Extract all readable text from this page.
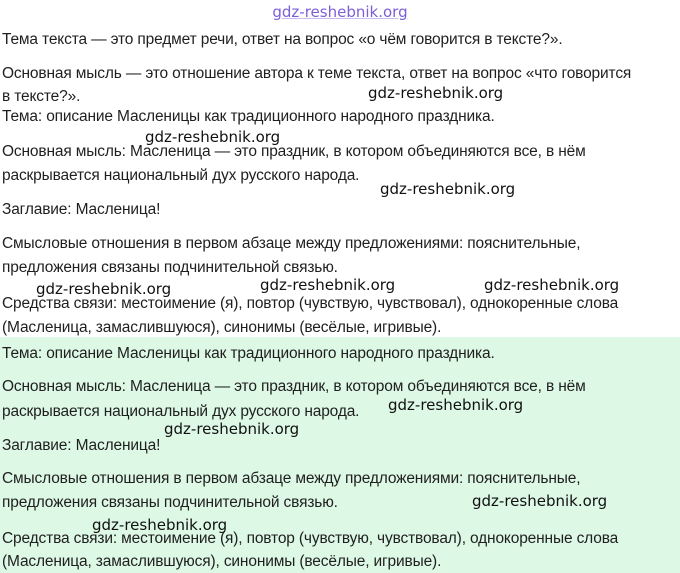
gdz-reshebnik.org

Тема текста — это предмет речи, ответ на вопрос «о чём говорится в тексте?».

Основная мысль — это отношение автора к теме текста, ответ на вопрос «что говорится

в тексте?».

Тема: описание Масленицы как традиционного народного праздника.

Основная мысль: Масленица — это праздник, в котором объединяются все, в нём

раскрывается национальный дух русского народа.

Заглавие: Масленица!

Смысловые отношения в первом абзаце между предложениями: пояснительные,

предложения связаны подчинительной связью.

Средства связи: местоимение (я), повтор (чувствую, чувствовал), однокоренные слова

(Масленица, замаслившуюся), синонимы (весёлые, игривые).

Тема: описание Масленицы как традиционного народного праздника.

Основная мысль: Масленица — это праздник, в котором объединяются все, в нём

раскрывается национальный дух русского народа.

Заглавие: Масленица!

Смысловые отношения в первом абзаце между предложениями: пояснительные,

предложения связаны подчинительной связью.

Средства связи: местоимение (я), повтор (чувствую, чувствовал), однокоренные слова

(Масленица, замаслившуюся), синонимы (весёлые, игривые).

gdz-reshebnik.org
gdz-reshebnik.org
gdz-reshebnik.org
gdz-reshebnik.org	gdz-reshebnik.org	gdz-reshebnik.org
gdz-reshebnik.org
gdz-reshebnik.org
gdz-reshebnik.org
gdz-reshebnik.org
